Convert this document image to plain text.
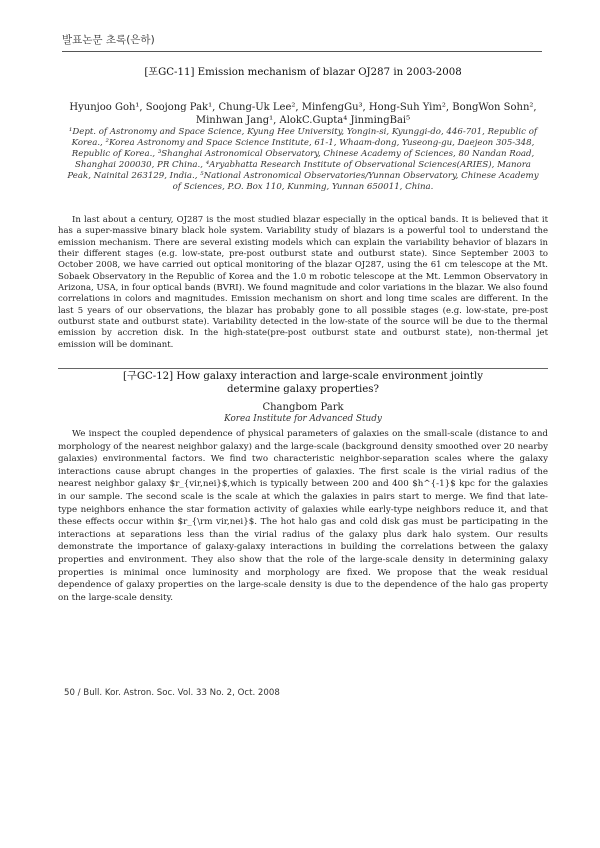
발표논문 초록(은하)

[포GC-11] Emission mechanism of blazar OJ287 in 2003-2008

Hyunjoo Goh¹, Soojong Pak¹, Chung-Uk Lee², MinfengGu³, Hong-Suh Yim², BongWon Sohn², Minhwan Jang¹, AlokC.Gupta⁴ JinmingBai⁵

¹Dept. of Astronomy and Space Science, Kyung Hee University, Yongin-si, Kyunggi-do, 446-701, Republic of Korea., ²Korea Astronomy and Space Science Institute, 61-1, Whaam-dong, Yuseong-gu, Daejeon 305-348, Republic of Korea., ³Shanghai Astronomical Observatory, Chinese Academy of Sciences, 80 Nandan Road, Shanghai 200030, PR China., ⁴Aryabhatta Research Institute of Observational Sciences(ARIES), Manora Peak, Nainital 263129, India., ⁵National Astronomical Observatories/Yunnan Observatory, Chinese Academy of Sciences, P.O. Box 110, Kunming, Yunnan 650011, China.

In last about a century, OJ287 is the most studied blazar especially in the optical bands. It is believed that it has a super-massive binary black hole system. Variability study of blazars is a powerful tool to understand the emission mechanism. There are several existing models which can explain the variability behavior of blazars in their different stages (e.g. low-state, pre-post outburst state and outburst state). Since September 2003 to October 2008, we have carried out optical monitoring of the blazar OJ287, using the 61 cm telescope at the Mt. Sobaek Observatory in the Republic of Korea and the 1.0 m robotic telescope at the Mt. Lemmon Observatory in Arizona, USA, in four optical bands (BVRI). We found magnitude and color variations in the blazar. We also found correlations in colors and magnitudes. Emission mechanism on short and long time scales are different. In the last 5 years of our observations, the blazar has probably gone to all possible stages (e.g. low-state, pre-post outburst state and outburst state). Variability detected in the low-state of the source will be due to the thermal emission by accretion disk. In the high-state(pre-post outburst state and outburst state), non-thermal jet emission will be dominant.

[구GC-12] How galaxy interaction and large-scale environment jointly

determine galaxy properties?

Changbom Park

Korea Institute for Advanced Study

We inspect the coupled dependence of physical parameters of galaxies on the small-scale (distance to and morphology of the nearest neighbor galaxy) and the large-scale (background density smoothed over 20 nearby galaxies) environmental factors. We find two characteristic neighbor-separation scales where the galaxy interactions cause abrupt changes in the properties of galaxies. The first scale is the virial radius of the nearest neighbor galaxy $r_{vir,nei}$,which is typically between 200 and 400 $h^{-1}$ kpc for the galaxies in our sample. The second scale is the scale at which the galaxies in pairs start to merge. We find that late-type neighbors enhance the star formation activity of galaxies while early-type neighbors reduce it, and that these effects occur within $r_{\rm vir,nei}$. The hot halo gas and cold disk gas must be participating in the interactions at separations less than the virial radius of the galaxy plus dark halo system. Our results demonstrate the importance of galaxy-galaxy interactions in building the correlations between the galaxy properties and environment. They also show that the role of the large-scale density in determining galaxy properties is minimal once luminosity and morphology are fixed. We propose that the weak residual dependence of galaxy properties on the large-scale density is due to the dependence of the halo gas property on the large-scale density.

50 / Bull. Kor. Astron. Soc. Vol. 33 No. 2, Oct. 2008
